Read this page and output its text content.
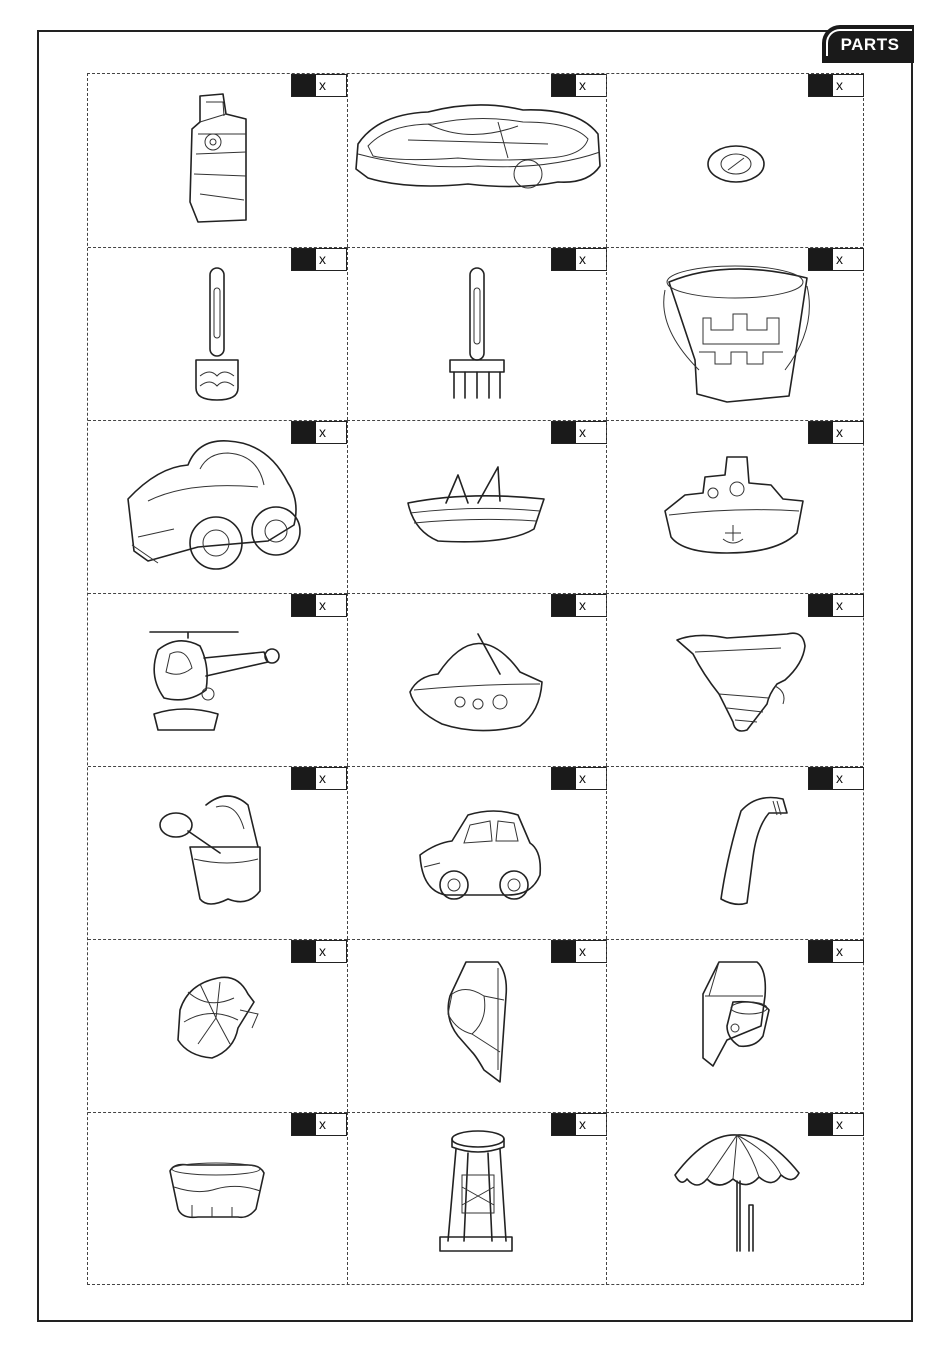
PARTS
x	x	x
x	x	x
x	x	x
x	x	x
x	x	x
x	x	x
x	x	x
